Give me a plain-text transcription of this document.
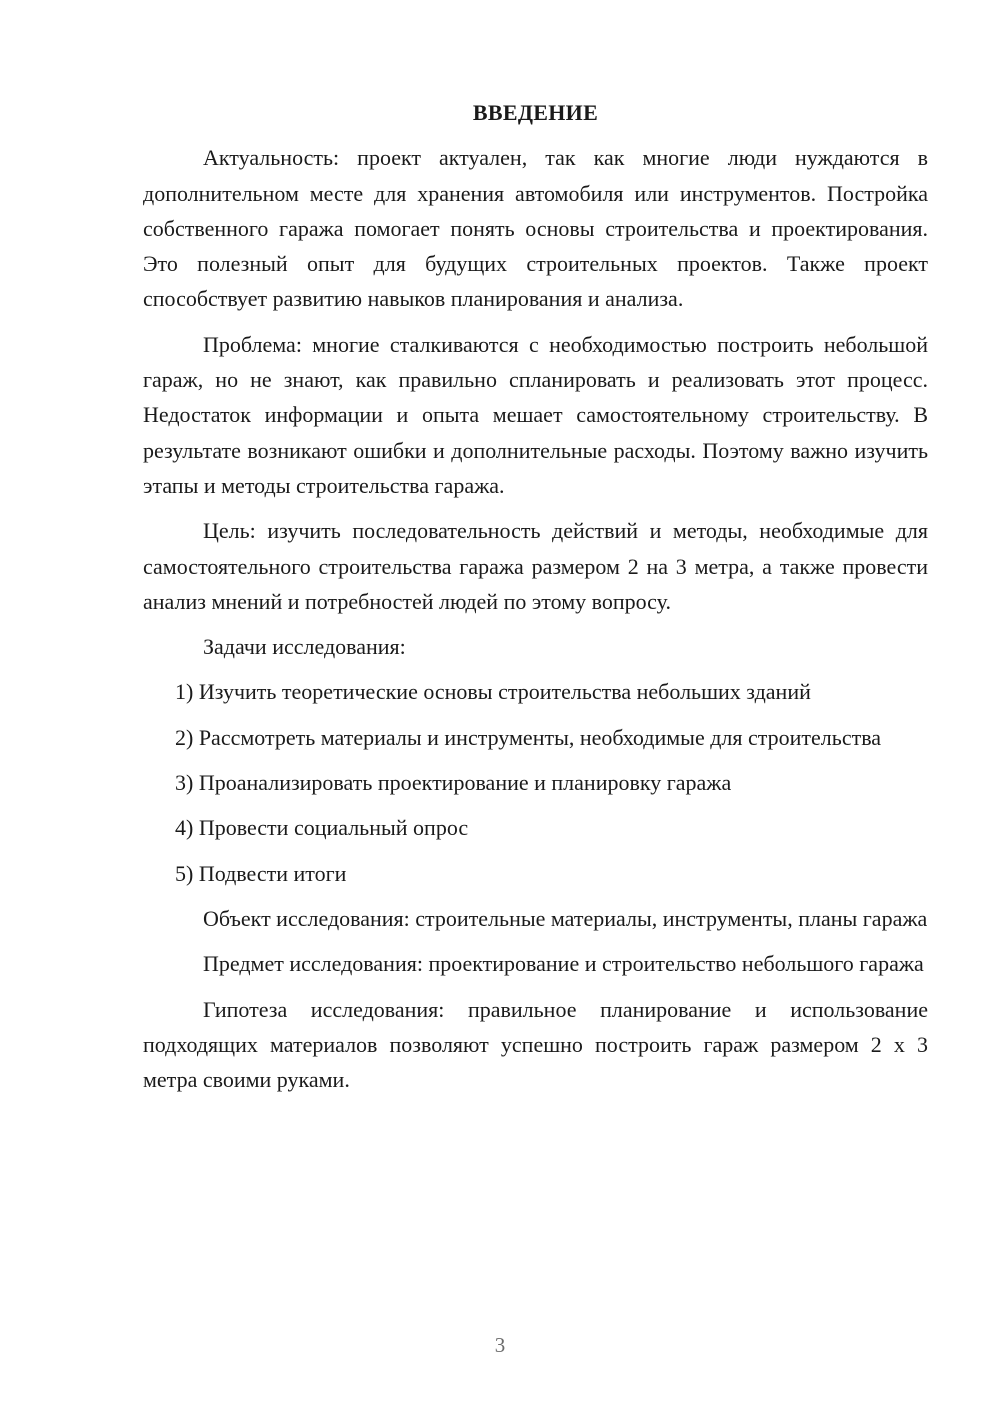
ВВЕДЕНИЕ

Актуальность: проект актуален, так как многие люди нуждаются в дополнительном месте для хранения автомобиля или инструментов. Постройка собственного гаража помогает понять основы строительства и проектирования. Это полезный опыт для будущих строительных проектов. Также проект способствует развитию навыков планирования и анализа.

Проблема: многие сталкиваются с необходимостью построить небольшой гараж, но не знают, как правильно спланировать и реализовать этот процесс. Недостаток информации и опыта мешает самостоятельному строительству. В результате возникают ошибки и дополнительные расходы. Поэтому важно изучить этапы и методы строительства гаража.

Цель: изучить последовательность действий и методы, необходимые для самостоятельного строительства гаража размером 2 на 3 метра, а также провести анализ мнений и потребностей людей по этому вопросу.

Задачи исследования:

1) Изучить теоретические основы строительства небольших зданий

2) Рассмотреть материалы и инструменты, необходимые для строительства

3) Проанализировать проектирование и планировку гаража

4) Провести социальный опрос

5) Подвести итоги

Объект исследования: строительные материалы, инструменты, планы гаража

Предмет исследования: проектирование и строительство небольшого гаража

Гипотеза исследования: правильное планирование и использование подходящих материалов позволяют успешно построить гараж размером 2 х 3 метра своими руками.

3
